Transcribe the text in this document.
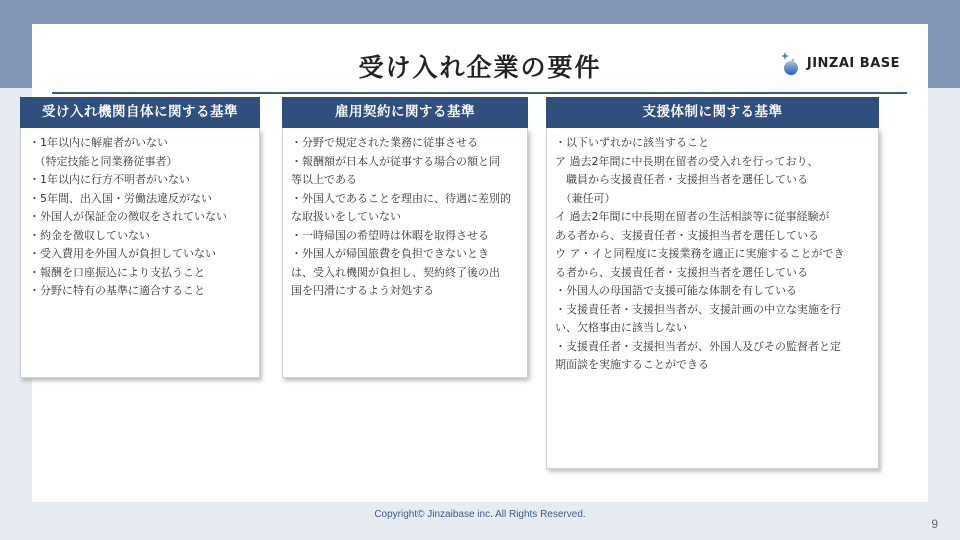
受け入れ企業の要件	JINZAI BASE
受け入れ機関自体に関する基準

・1年以内に解雇者がいない

　（特定技能と同業務従事者）

・1年以内に行方不明者がいない

・5年間、出入国・労働法違反がない

・外国人が保証金の徴収をされていない

・約金を徴収していない

・受入費用を外国人が負担していない

・報酬を口座振込により支払うこと

・分野に特有の基準に適合すること

雇用契約に関する基準

・分野で規定された業務に従事させる

・報酬額が日本人が従事する場合の額と同

等以上である

・外国人であることを理由に、待遇に差別的

な取扱いをしていない

・一時帰国の希望時は休暇を取得させる

・外国人が帰国旅費を負担できないとき

は、受入れ機関が負担し、契約終了後の出

国を円滑にするよう対処する

支援体制に関する基準

・以下いずれかに該当すること

ア 過去2年間に中長期在留者の受入れを行っており、

　職員から支援責任者・支援担当者を選任している

　（兼任可）

イ 過去2年間に中長期在留者の生活相談等に従事経験が

ある者から、支援責任者・支援担当者を選任している

ウ ア・イと同程度に支援業務を適正に実施することができ

る者から、支援責任者・支援担当者を選任している

・外国人の母国語で支援可能な体制を有している

・支援責任者・支援担当者が、支援計画の中立な実施を行

い、欠格事由に該当しない

・支援責任者・支援担当者が、外国人及びその監督者と定

期面談を実施することができる

Copyright© Jinzaibase inc. All Rights Reserved.
9
